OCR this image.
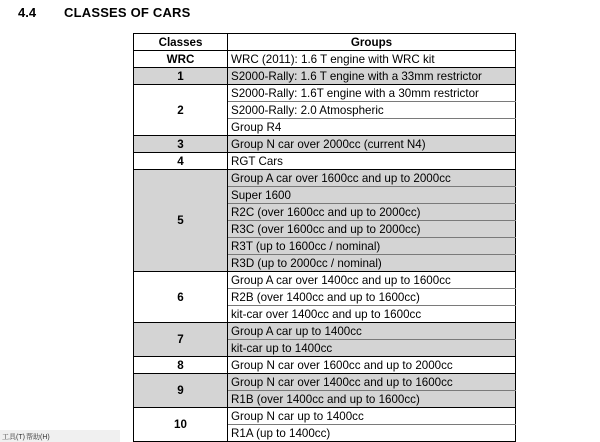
4.4 CLASSES OF CARS
Classes	Groups
WRC	WRC (2011): 1.6 T engine with WRC kit
1	S2000-Rally: 1.6 T engine with a 33mm restrictor
2	S2000-Rally: 1.6T engine with a 30mm restrictor
	S2000-Rally: 2.0 Atmospheric
	Group R4
3	Group N car over 2000cc (current N4)
4	RGT Cars
5	Group A car over 1600cc and up to 2000cc
	Super 1600
	R2C (over 1600cc and up to 2000cc)
	R3C (over 1600cc and up to 2000cc)
	R3T (up to 1600cc / nominal)
	R3D (up to 2000cc / nominal)
6	Group A car over 1400cc and up to 1600cc
	R2B (over 1400cc and up to 1600cc)
	kit-car over 1400cc and up to 1600cc
7	Group A car up to 1400cc
	kit-car up to 1400cc
8	Group N car over 1600cc and up to 2000cc
9	Group N car over 1400cc and up to 1600cc
	R1B (over 1400cc and up to 1600cc)
10	Group N car up to 1400cc
	R1A (up to 1400cc)
工具(T) 帮助(H)
